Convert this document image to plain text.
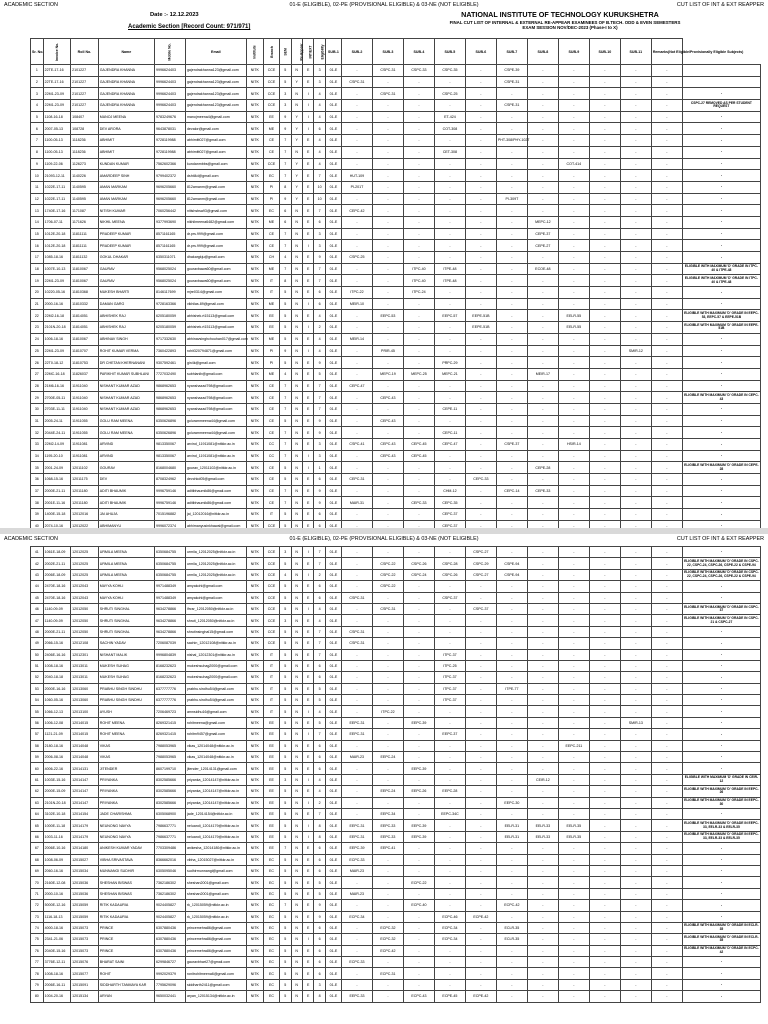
ACADEMIC SECTION	01-E (ELIGIBLE), 02-PE (PROVISIONAL ELIGIBLE) & 03-NE (NOT ELIGIBLE)	CUT LIST OF INT & EXT REAPPER
Date :- 12.12.2023
Academic Section [Record Count: 971/971]
NATIONAL INSTITUTE OF TECHNOLOGY KURUKSHETRA
FINAL CUT LIST OF INTERNAL & EXTERNAL RE-APPEAR EXAMINEES OF B.TECH. ODD & EVEN SEMESTERS
EXAM SESSION NOV/DEC-2023 (Phase-I to X)
Sr. No.	Invoice No.	Roll No.	Name	Mobile No.	Email	Institute	Branch	SEM	Re-Appear	INT/EXT	Eligibility	SUB-1	SUB-2	SUB-3	SUB-4	SUB-5	SUB-6	SUB-7	SUB-8	SUB-9	SUB-10	SUB-11	Remarks(Not Eligible/Provisionally Eligible Subjects)	
1	22TE-17-16	2101227	GAJENDRA KHANNA	9996624403	gajendrakhanna123@gmail.com	NITK	CCE	5	N	E	3	01-E	-	CSPC-31	CSPC-33	CSPC-35	-	CSPE-39	-	-	-	-	-	
2	22TE-17-16	2101227	GAJENDRA KHANNA	9996624403	gajendrakhanna123@gmail.com	NITK	CCE	5	Y	E	3	01-E	CSPC-31	-	-	-	-	CSPE-31	-	-	-	-	-	
3	22M1-23-09	2101227	GAJENDRA KHANNA	9996624403	gajendrakhanna123@gmail.com	NITK	CCE	3	N	I	4	01-E	-	CSPC-31	-	CSPC-25	-	-	-	-	-	-	-	-
4	22M1-23-09	2101227	GAJENDRA KHANNA	9996624403	gajendrakhanna123@gmail.com	NITK	CCE	3	N	I	4	01-E	-	-	-	-	-	CSPE-31	-	-	-	-	-	CSPC-27 REMOVED AS PER STUDENT REQUEST
5	1108-16-18	108407	MANOJ MEENA	9783249676	manojmeena4@gmail.com	NITK	EE	9	Y	I	4	01-E	-	-	-	ET-424	-	-	-	-	-	-	-	-
6	2007-05-13	108728	DEV ARORA	9643878031	devalor@gmail.com	NITK	ME	9	Y	I	6	01-E	-	-	-	COT-308	-	-	-	-	-	-	-	-
7	1100-05-13	1118236	ABHIMIT	9728119988	abhimitt027@gmail.com	NITK	CE	7	Y	E	4	01-E	-	-	-	-	-	PHT-308/PHY-102T	-	-	-	-	-	-
8	1100-05-13	1118236	ABHIMIT	9728119988	abhimitt027@gmail.com	NITK	CE	7	N	E	4	01-E	-	-	-	CET-308	-	-	-	-	-	-	-	-
9	1109-22-06	1126273	KUNDAN KUMAR	7562602366	kundanmbbs@gmail.com	NITK	CCE	7	Y	E	4	01-E	-	-	-	-	-	-	-	COT-414	-	-	-	-
10	21093-12-11	1140226	AMARDEEP SINH	9799402372	dshtl4d@gmail.com	NITK	EC	7	Y	E	7	01-E	HUT-109	-	-	-	-	-	-	-	-	-	-	-
11	1022E-17-11	1140595	AMAN MARKAM	9696205660	812amanm@gmail.com	NITK	PI	8	Y	E	10	01-E	PI-201T	-	-	-	-	-	-	-	-	-	-	-
12	1022E-17-11	1140595	AMAN MARKAM	9696205660	812amanm@gmail.com	NITK	PI	9	Y	E	10	01-E	-	-	-	-	-	PI-309T	-	-	-	-	-	-
13	1740E-17-16	1171087	NITISH KUMAR	7060256442	nitishsbsa93@gmail.com	NITK	EC	6	N	E	7	01-E	CEPC-42	-	-	-	-	-	-	-	-	-	-	-
14	1706-07-11	1171626	NIKHIL MEENA	9377993690	nikhilmeena6482@gmail.com	NITK	ME	6	N	E	6	01-E	-	-	-	-	-	-	MEPC-12	-	-	-	-	-
15	1012E-20-18	11811111	PRADEEP KUMAR	8571161165	dr.prs.999@gmail.com	NITK	CE	7	N	E	3	01-E	-	-	-	-	-	-	CEPE-37	-	-	-	-	-
16	1012E-20-18	11811111	PRADEEP KUMAR	8571161165	dr.prs.999@gmail.com	NITK	CE	7	N	I	3	01-E	-	-	-	-	-	-	CEPE-27	-	-	-	-	-
17	1085-18-16	11811132	GOKUL DHAKAR	6350311071	dhakargkju@gmail.com	NITK	CH	4	N	E	9	01-E	CSPC-25	-	-	-	-	-	-	-	-	-	-	-
18	1007E-10-13	11810067	GAURAV	9568025024	gouravbawa60@gmail.com	NITK	ME	7	N	E	7	01-E	-	-	ITPC-40	ITPE-48	-	-	ECOE-48	-	-	-	-	ELIGIBLE WITH MAXIMUM 'D' GRADE IN ITPC-40 & ITPE-48
19	22M1-23-09	11810067	GAURAV	9568025024	gouravbawa60@gmail.com	NITK	IT	8	N	E	7	01-E	-	-	ITPC-40	ITPE-48	-	-	-	-	-	-	-	ELIGIBLE WITH MAXIMUM 'D' GRADE IN ITPC-40 & ITPE-48
20	10220-05-16	11810368	MUKESH BHARTI	8146117699	mjre0314@gmail.com	NITK	IT	5	N	E	6	01-E	ITPC-22	-	ITPC-24	-	-	-	-	-	-	-	-	-
21	2000-16-16	11810332	DAMAN GARG	9728163366	vikhilas.89@gmail.com	NITK	ME	5	N	I	6	01-E	MEIR-10	-	-	-	-	-	-	-	-	-	-	-
22	22M2-16-18	11814051	ABHISHEK RAJ	6205180059	abhishek.rt15113@gmail.com	NITK	EE	5	N	E	4	01-E	-	EEPC-53	-	EEPC-57	EEPE-51B	-	-	EELR-55	-	-	-	ELIGIBLE WITH MAXIMUM 'D' GRADE IN EEPC-53, EEPC-57 & EEPE-51B
23	2101N-20-18	11814051	ABHISHEK RAJ	6205180059	abhishek.rt15113@gmail.com	NITK	EE	5	N	I	2	01-E	-	-	-	-	EEPE-51B	-	-	EELR-55	-	-	-	ELIGIBLE WITH MAXIMUM 'D' GRADE IN EEPE-51B
24	1006-18-16	11810067	ABHINAV SINGH	9717332630	abhinavsinghchouhan017@gmail.com	NITK	ME	5	N	E	4	01-E	MEIR-14	-	-	-	-	-	-	-	-	-	-	-
25	22M1-23-09	11810707	ROHIT KUMAR VERMA	7360422893	rohit320794871@gmail.com	NITK	PI	9	N	I	4	01-E	-	PRIR-45	-	-	-	-	-	-	-	SMIR-12	-	-
26	22T0-18-12	11810753	DR CHETAN KHERNANANI	9307592461	gin4k@gmail.com	NITK	PI	5	N	E	9	01-E	-	-	-	PRPC-29	-	-	-	-	-	-	-	-
27	22MC-16-18	11826037	PARIKHIT KUMAR SUBHLANI	7727032490	subhlanib@gmail.com	NITK	ME	4	N	E	5	01-E	-	MEPC-19	MEPC-25	MEPC-21	-	-	MEIR-17	-	-	-	-	-
28	21M6-16-16	11911040	NISHANT KUMAR AZAD	9868962653	nyanshazad798@gmail.com	NITK	CE	7	N	E	7	01-E	CEPC-47	-	-	-	-	-	-	-	-	-	-	-
29	2700E-05-11	11911040	NISHANT KUMAR AZAD	9868962653	nyanshazad798@gmail.com	NITK	CE	7	N	E	7	01-E	-	CEPC-43	-	-	-	-	-	-	-	-	-	ELIGIBLE WITH MAXIMUM 'D' GRADE IN CEPC-43
30	2703E-11-11	11911040	NISHANT KUMAR AZAD	9868962653	nyanshazad798@gmail.com	NITK	CE	7	N	E	7	01-E	-	-	-	CEPE-11	-	-	-	-	-	-	-	-
31	2005-24-11	11911055	GOLU RAM MEENA	6350626896	golurammeena44@gmail.com	NITK	CE	5	N	E	9	01-E	-	CEPC-43	-	-	-	-	-	-	-	-	-	-
32	2044E-24-11	11911055	GOLU RAM MEENA	6350626896	golurammeena44@gmail.com	NITK	CE	7	N	E	9	01-E	-	-	-	CEPC-11	-	-	-	-	-	-	-	-
33	22M2-14-09	11911081	ARVIND	9813350067	arvind_11911081@nitkkr.ac.in	NITK	CC	7	N	E	3	01-E	CSPC-41	CEPC-43	CEPC-45	CEPC-47	-	CSPE-37	-	HSIR-14	-	-	-	-
34	1195-20-10	11911081	ARVIND	9813350067	arvind_11911081@nitkkr.ac.in	NITK	CC	7	N	I	3	01-E	-	CEPC-43	CEPC-45	-	-	-	-	-	-	-	-	-
35	2001-24-09	12011102	GOURAV	8168004680	gourav_12011102@nitkkr.ac.in	NITK	CE	5	N	I	1	01-E	-	-	-	-	-	-	CEPE-28	-	-	-	-	ELIGIBLE WITH MAXIMUM 'D' GRADE IN CEPE-28
36	1068-15-16	12011175	DEV	8708324962	devchkd05@gmail.com	NITK	CE	5	N	E	6	01-E	CEPC-31	-	-	-	CEPC-33	-	-	-	-	-	-	-
37	2000E-21-11	12011180	ADITI BHAUMIK	9996759146	aditibhaumik86@gmail.com	NITK	CE	7	N	E	9	01-E	-	-	-	CHM-12	-	CEPC-14	CEPE-33	-	-	-	-	-
38	2001E-11-16	12011180	ADITI BHAUMIK	9996759146	aditibhaumik86@gmail.com	NITK	CE	7	N	E	9	01-E	MAIR-31	-	CEPC-33	CEPC-35	-	-	-	-	-	-	-	-
39	1400E-15-18	12012016	JAI AHUJA	7015196882	jai_12012016@nitkkr.ac.in	NITK	IT	5	N	E	6	01-E	-	-	-	CEPC-37	-	-	-	-	-	-	-	-
40	2074-10-16	12012022	ABHIMANYU	9996072374	abhimanyusinkhawal@gmail.com	NITK	CCE	5	N	E	6	01-E	-	-	-	CEPC-37	-	-	-	-	-	-	-	-
ACADEMIC SECTION	01-E (ELIGIBLE), 02-PE (PROVISIONAL ELIGIBLE) & 03-NE (NOT ELIGIBLE)	CUT LIST OF INT & EXT REAPPER
41	1061E-18-09	12012025	URMILA MEENA	6350684755	urmila_12012025@nitkkr.ac.in	NITK	CCE	3	N	I	7	01-E	-	-	-	-	CSPC-27	-	-	-	-	-	-	-
42	2002E-21-11	12012025	URMILA MEENA	6350684755	urmila_12012025@nitkkr.ac.in	NITK	CCE	5	N	E	7	01-E	-	CSPC-22	CSPC-26	CSPC-28	CSPC-29	CSPE-94	-	-	-	-	-	ELIGIBLE WITH MAXIMUM 'D' GRADE IN CSPC-22, CSPC-24, CSPC-26, CSPE-22 & CSPE-94
43	2006E-18-09	12012025	URMILA MEENA	6350684755	urmila_12012025@nitkkr.ac.in	NITK	CCE	4	N	I	2	01-E	-	CSPC-22	CSPC-24	CSPC-26	CSPC-27	CSPE-94	-	-	-	-	-	ELIGIBLE WITH MAXIMUM 'D' GRADE IN CSPC-22, CSPC-24, CSPC-26, CSPE-22 & CSPE-94
44	2470E-18-16	12012043	MAYYA KOHLI	9971488349	amyakohl@gmail.com	NITK	CCE	5	N	E	6	01-E	-	CSPC-22	-	-	-	-	-	-	-	-	-	-
45	2470E-18-16	12012043	MAYYA KOHLI	9971488349	amyakohl@gmail.com	NITK	CCE	5	N	E	6	01-E	CSPC-31	-	-	CSPC-37	-	-	-	-	-	-	-	-
46	1140-09-09	12012050	SHRUTI SINGHAL	9634278866	ifrcsr_12012050@nitkkr.ac.in	NITK	CCE	5	N	I	4	01-E	-	CSPC-31	-	-	CSPC-37	-	-	-	-	-	-	ELIGIBLE WITH MAXIMUM 'D' GRADE IN CSPC-37
47	1140-09-09	12012050	SHRUTI SINGHAL	9634278866	shruti_12012050@nitkkr.ac.in	NITK	CCE	3	N	E	4	01-E	-	-	-	-	-	-	-	-	-	-	-	ELIGIBLE WITH MAXIMUM 'D' GRADE IN CSPC-21 & CSPC-27
48	2000E-21-11	12012050	SHRUTI SINGHAL	9634278866	shrutinsinghal15@gmail.com	NITK	CCE	5	N	E	7	01-E	CSPC-31	-	-	-	-	-	-	-	-	-	-	-
49	2066-15-16	12012108	SACHIN YADAV	7206087039	sachin_12012108@nitkkr.ac.in	NITK	CCE	5	N	E	7	01-E	CSPC-31	-	-	-	-	-	-	-	-	-	-	-
50	2406E-16-16	12012301	NISHANT MALIK	9996804839	nishal_12012301@nitkkr.ac.in	NITK	IT	5	N	E	7	01-E	-	-	-	ITPC-37	-	-	-	-	-	-	-	-
51	1008-18-16	12013011	MUKESH SUHAG	8168232623	mukeshsuhag2000@gmail.com	NITK	IT	5	N	E	6	01-E	-	-	-	ITPC-25	-	-	-	-	-	-	-	-
52	2040-18-18	12013011	MUKESH SUHAG	8168232623	mukeshsuhag2000@gmail.com	NITK	IT	5	N	E	6	01-E	-	-	-	ITPC-37	-	-	-	-	-	-	-	-
53	2000E-16-16	12013060	PRABHU SINGH SINDHU	6377777776	prabhu.sindhu54@gmail.com	NITK	IT	5	N	E	5	01-E	-	-	-	ITPC-37	-	ITPE-77	-	-	-	-	-	-
54	1060-05-16	12013060	PRABHU SINGH SINDHU	6377777776	prabhu.sindhu54@gmail.com	NITK	IT	5	N	E	5	01-E	-	-	-	ITPC-37	-	-	-	-	-	-	-	-
55	1066-12-13	12013100	AYUSH	7206469723	amnsidhu16@gmail.com	NITK	IT	5	N	I	4	01-E	-	ITPC-22	-	-	-	-	-	-	-	-	-	-
56	1006-12-08	12014015	ROHIT MEENA	8269321415	rohitmeena@gmail.com	NITK	EE	5	N	E	5	01-E	EEPC-31	-	EEPC-39	-	-	-	-	-	-	SMIR-13	-	-
57	1121-21-09	12014015	ROHIT MEENA	8269321415	rohitm9457@gmail.com	NITK	EE	5	N	I	7	01-E	EEPC-31	-	-	EEPC-37	-	-	-	-	-	-	-	-
58	2180-18-16	12014048	VIKAS	7988053965	vikas_12014048@nitkkr.ac.in	NITK	EE	5	N	E	6	01-E	-	-	-	-	-	-	-	EEPC-211	-	-	-	-
59	2006-08-16	12014048	VIKAS	7988053965	vikas_12014048@nitkkr.ac.in	NITK	EE	5	N	E	6	01-E	MAIR-23	EEPC-24	-	-	-	-	-	-	-	-	-	-
60	4006-22-16	12014131	JITENDER	8607199710	jitender_12014131@gmail.com	NITK	EE	5	N	E	6	01-E	-	-	EEPC-39	-	-	-	-	-	-	-	-	-
61	1003E-15-16	12014147	PRIYANKA	8302585666	priyanka_12014147@nitkkr.ac.in	NITK	EE	3	N	I	4	01-E	-	-	-	-	-	-	CEIR-12	-	-	-	-	ELIGIBLE WITH MAXIMUM 'D' GRADE IN CEIR-12
62	2000E-15-09	12014147	PRIYANKA	8302585666	priyanka_12014147@nitkkr.ac.in	NITK	EE	5	N	E	4	01-E	-	EEPC-24	EEPC-26	EEPC-28	-	-	-	-	-	-	-	ELIGIBLE WITH MAXIMUM 'D' GRADE IN EEPC-26
63	2101N-20-18	12014147	PRIYANKA	8302585666	priyanka_12014147@nitkkr.ac.in	NITK	EE	5	N	I	2	01-E	-	-	-	-	-	EEPC-30	-	-	-	-	-	ELIGIBLE WITH MAXIMUM 'D' GRADE IN EEPC-30
64	3102E-10-18	12014154	JADE CHARISHMA	6305068900	jade_12014154@nitkkr.ac.in	NITK	EE	5	N	E	7	01-E	-	EEPC-34	-	EEPC-34C	-	-	-	-	-	-	-	-
65	1000E-11-18	12014179	NEUNONG NAVYA	7986637771	neluandi_12014179@nitkkr.ac.in	NITK	EE	5	N	I	8	01-E	EEPC-31	EEPC-33	EEPC-39	-	-	EELR-31	EELR-33	EELR-35	-	-	-	ELIGIBLE WITH MAXIMUM 'D' GRADE IN EEPC-33, EELR-33 & EELR-35
66	1003-11-16	12014179	NEUNONG NAVYA	7986637771	neluandi_12014179@nitkkr.ac.in	NITK	EE	5	N	I	8	01-E	EEPC-31	EEPC-33	EEPC-39	-	-	EELR-31	EELR-33	EELR-35	-	-	-	ELIGIBLE WITH MAXIMUM 'D' GRADE IN EEPC-33, EELR-33 & EELR-35
67	2006E-10-16	12014180	ANIKESH KUMAR YADAV	7703309486	anikesha_12014180@nitkkr.ac.in	NITK	EE	7	N	E	6	01-E	EEPC-39	EEPC-41	-	-	-	-	-	-	-	-	-	-
68	1008-06-09	12015027	VIBHA SRIVASTAVA	8366662016	vibha_12015027@nitkkr.ac.in	NITK	EC	5	N	E	6	01-E	ECPC-33	-	-	-	-	-	-	-	-	-	-	-
69	2060-16-16	12015034	MUNNANGI SUDHIR	6305095046	sudhirmunnangi@gmail.com	NITK	EC	5	N	E	6	01-E	MAIR-23	-	-	-	-	-	-	-	-	-	-	-
70	2160E-12-08	12015036	SHESHAN BISWAS	7362186302	sheshan2001@gmail.com	NITK	EC	5	N	E	5	01-E	-	-	ECPC-22	-	-	-	-	-	-	-	-	-
71	2000-10-16	12015036	SHESHAN BISWAS	7362186302	sheshan2001@gmail.com	NITK	EC	5	N	E	5	01-E	MAIR-23	-	-	-	-	-	-	-	-	-	-	-
72	5000E-12-16	12015059	RITIK KADAURIA	9024405827	rk_12015059@nitkkr.ac.in	NITK	EC	7	N	E	9	01-E	-	-	ECPC-40	-	-	ECPC-42	-	-	-	-	-	-
73	1116-18-13	12015059	RITIK KADAURIA	9024405827	rk_12015059@nitkkr.ac.in	NITK	EC	5	N	E	9	01-E	ECPC-34	-	-	ECPC-46	ECPE-42	-	-	-	-	-	-	-
74	4000-18-16	12015073	PRINCE	6307880436	princemehra86@gmail.com	NITK	EC	5	N	E	6	01-E	-	ECPC-32	-	ECPC-34	-	ECLR-35	-	-	-	-	-	ELIGIBLE WITH MAXIMUM 'D' GRADE IN ECLR-35
75	2341-21-06	12015073	PRINCE	6307880436	princemehra86@gmail.com	NITK	EC	5	N	I	6	01-E	-	ECPC-32	-	ECPC-34	-	ECLR-35	-	-	-	-	-	ELIGIBLE WITH MAXIMUM 'D' GRADE IN ECLR-35
76	2040E-15-16	12015073	PRINCE	6307880436	princemehra86@gmail.com	NITK	EC	5	N	E	6	01-E	-	ECPC-42	-	-	-	-	-	-	-	-	-	ELIGIBLE WITH MAXIMUM 'D' GRADE IN ECPC-42
77	3776E-12-11	12015076	BHARAT SAINI	6299846727	gauravbhart27@gmail.com	NITK	EC	5	N	E	6	01-E	ECPC-33	-	-	-	-	-	-	-	-	-	-	-
78	1008-18-16	12015077	ROHIT	9992029379	ronitrohitmeena6@gmail.com	NITK	EC	5	N	E	6	01-E	-	ECPC-31	-	-	-	-	-	-	-	-	-	-
79	2006E-16-11	12015091	SIDDHARTH TANMAYA KAR	7795629096	siddharth2411@gmail.com	NITK	EC	5	N	E	3	01-E	-	-	-	-	-	-	-	-	-	-	-	-
80	1004-20-16	12015134	ARYAN	9650032441	aryan_12015134@nitkkr.ac.in	NITK	EC	5	N	E	8	01-E	EEPC-33	-	ECPC-43	ECPE-45	ECPE-42	-	-	-	-	-	-	-
